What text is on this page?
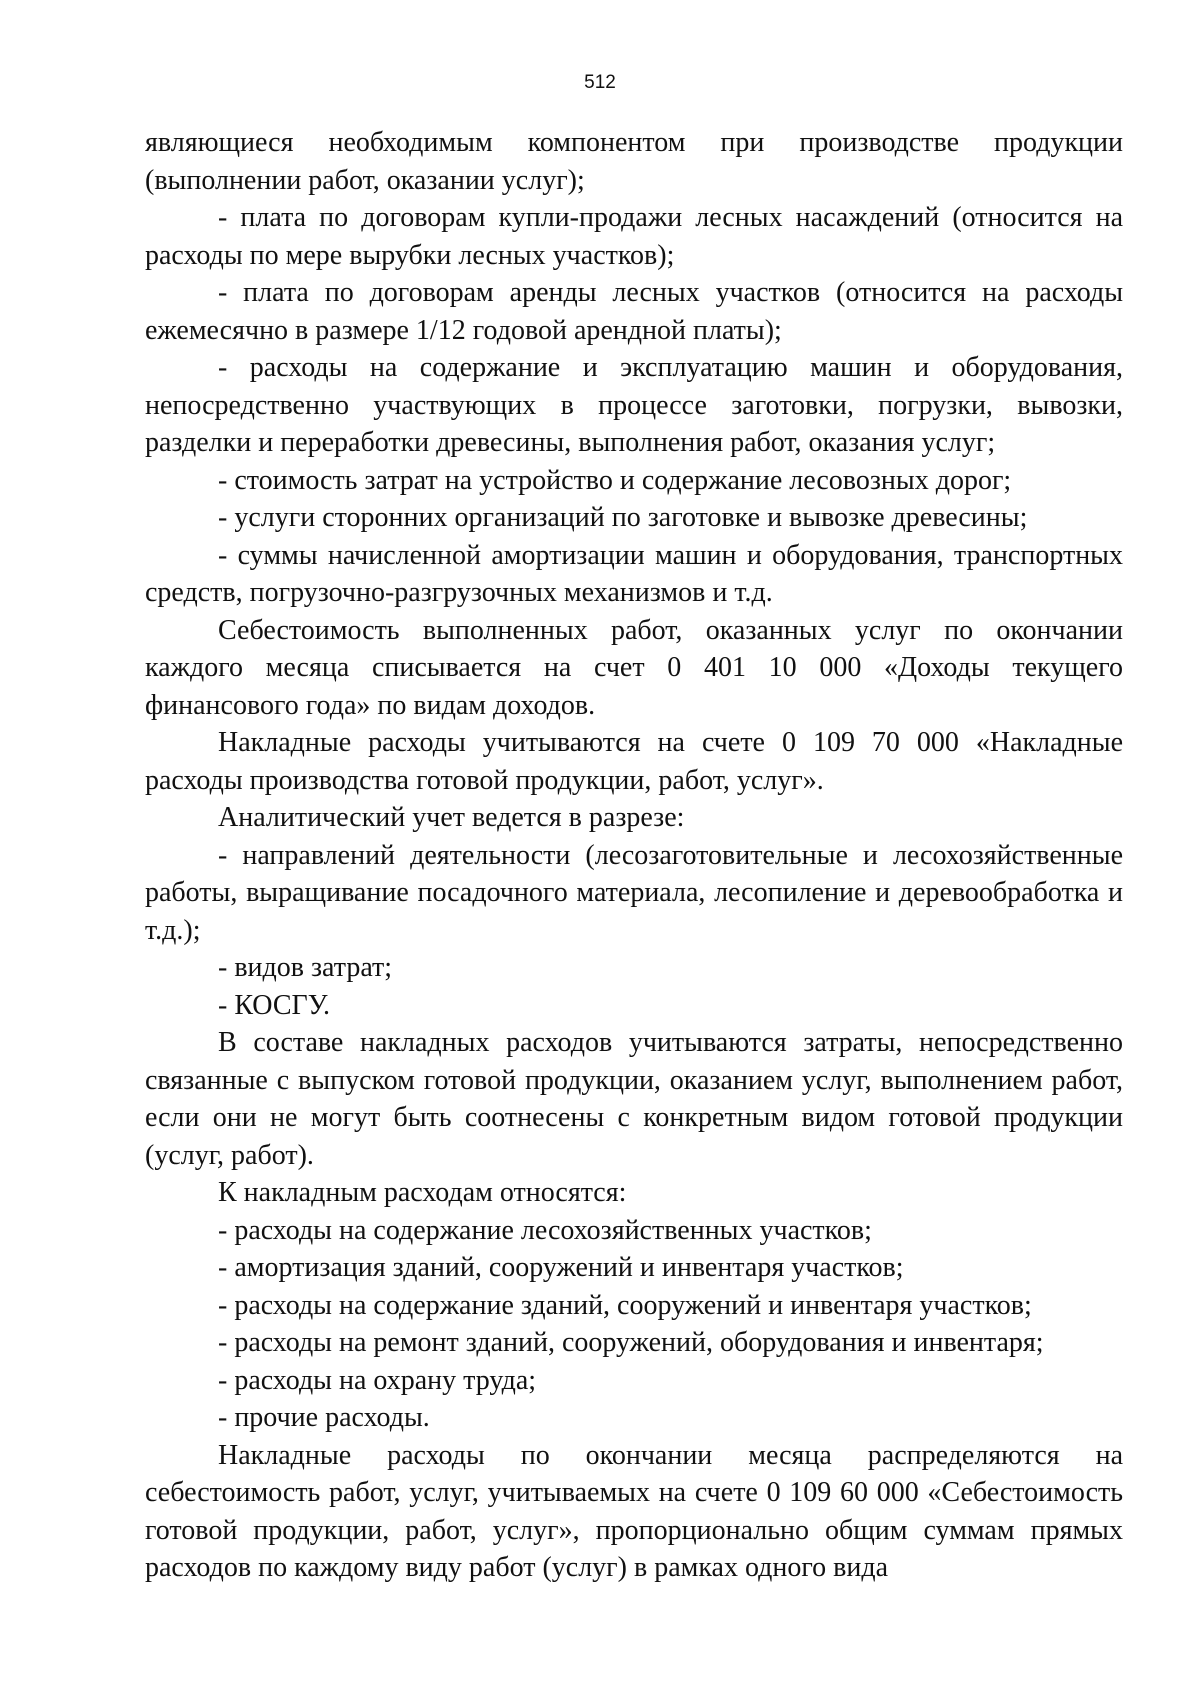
512

являющиеся необходимым компонентом при производстве продукции (выполнении работ, оказании услуг);

- плата по договорам купли-продажи лесных насаждений (относится на расходы по мере вырубки лесных участков);

- плата по договорам аренды лесных участков (относится на расходы ежемесячно в размере 1/12 годовой арендной платы);

- расходы на содержание и эксплуатацию машин и оборудования, непосредственно участвующих в процессе заготовки, погрузки, вывозки, разделки и переработки древесины, выполнения работ, оказания услуг;

- стоимость затрат на устройство и содержание лесовозных дорог;

- услуги сторонних организаций по заготовке и вывозке древесины;

- суммы начисленной амортизации машин и оборудования, транспортных средств, погрузочно-разгрузочных механизмов и т.д.

Себестоимость выполненных работ, оказанных услуг по окончании каждого месяца списывается на счет 0 401 10 000 «Доходы текущего финансового года» по видам доходов.

Накладные расходы учитываются на счете 0 109 70 000 «Накладные расходы производства готовой продукции, работ, услуг».

Аналитический учет ведется в разрезе:

- направлений деятельности (лесозаготовительные и лесохозяйственные работы, выращивание посадочного материала, лесопиление и деревообработка и т.д.);

- видов затрат;

- КОСГУ.

В составе накладных расходов учитываются затраты, непосредственно связанные с выпуском готовой продукции, оказанием услуг, выполнением работ, если они не могут быть соотнесены с конкретным видом готовой продукции (услуг, работ).

К накладным расходам относятся:

- расходы на содержание лесохозяйственных участков;

- амортизация зданий, сооружений и инвентаря участков;

- расходы на содержание зданий, сооружений и инвентаря участков;

- расходы на ремонт зданий, сооружений, оборудования и инвентаря;

- расходы на охрану труда;

- прочие расходы.

Накладные расходы по окончании месяца распределяются на себестоимость работ, услуг, учитываемых на счете 0 109 60 000 «Себестоимость готовой продукции, работ, услуг», пропорционально общим суммам прямых расходов по каждому виду работ (услуг) в рамках одного вида
